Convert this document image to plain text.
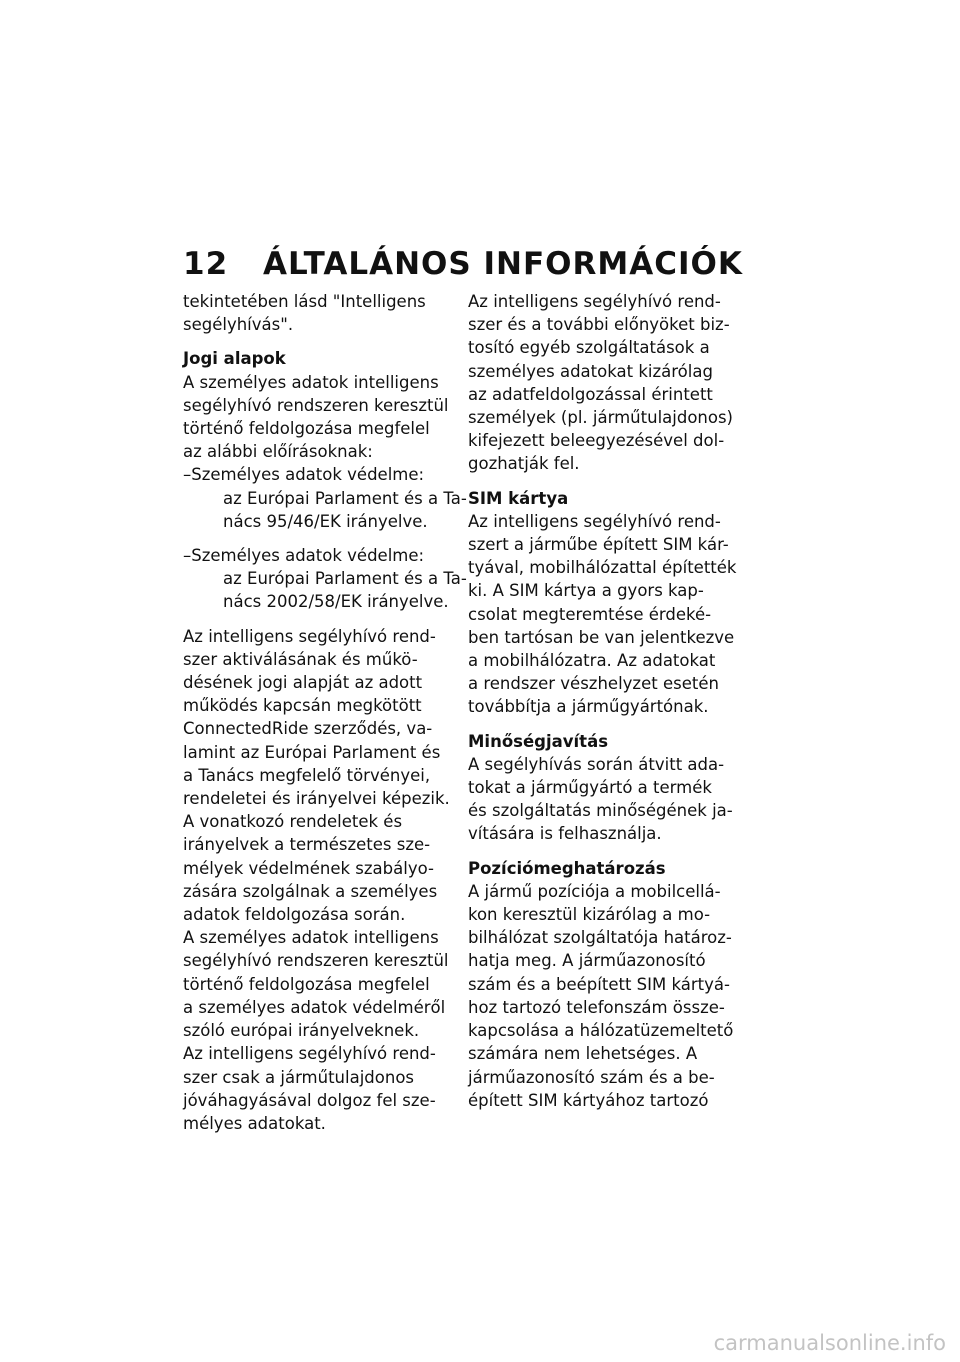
12 ÁLTALÁNOS INFORMÁCIÓK
tekintetében lásd "Intelligens
segélyhívás".
Jogi alapok
A személyes adatok intelligens
segélyhívó rendszeren keresztül
történő feldolgozása megfelel
az alábbi előírásoknak:
–Személyes adatok védelme:
az Európai Parlament és a Ta-
nács 95/46/EK irányelve.
–Személyes adatok védelme:
az Európai Parlament és a Ta-
nács 2002/58/EK irányelve.
Az intelligens segélyhívó rend-
szer aktiválásának és műkö-
désének jogi alapját az adott
működés kapcsán megkötött
ConnectedRide szerződés, va-
lamint az Európai Parlament és
a Tanács megfelelő törvényei,
rendeletei és irányelvei képezik.
A vonatkozó rendeletek és
irányelvek a természetes sze-
mélyek védelmének szabályo-
zására szolgálnak a személyes
adatok feldolgozása során.
A személyes adatok intelligens
segélyhívó rendszeren keresztül
történő feldolgozása megfelel
a személyes adatok védelméről
szóló európai irányelveknek.
Az intelligens segélyhívó rend-
szer csak a járműtulajdonos
jóváhagyásával dolgoz fel sze-
mélyes adatokat.
Az intelligens segélyhívó rend-
szer és a további előnyöket biz-
tosító egyéb szolgáltatások a
személyes adatokat kizárólag
az adatfeldolgozással érintett
személyek (pl. járműtulajdonos)
kifejezett beleegyezésével dol-
gozhatják fel.
SIM kártya
Az intelligens segélyhívó rend-
szert a járműbe épített SIM kár-
tyával, mobilhálózattal építették
ki. A SIM kártya a gyors kap-
csolat megteremtése érdeké-
ben tartósan be van jelentkezve
a mobilhálózatra. Az adatokat
a rendszer vészhelyzet esetén
továbbítja a járműgyártónak.
Minőségjavítás
A segélyhívás során átvitt ada-
tokat a járműgyártó a termék
és szolgáltatás minőségének ja-
vítására is felhasználja.
Pozíciómeghatározás
A jármű pozíciója a mobilcellá-
kon keresztül kizárólag a mo-
bilhálózat szolgáltatója határoz-
hatja meg. A járműazonosító
szám és a beépített SIM kártyá-
hoz tartozó telefonszám össze-
kapcsolása a hálózatüzemeltető
számára nem lehetséges. A
járműazonosító szám és a be-
épített SIM kártyához tartozó
carmanualsonline.info
